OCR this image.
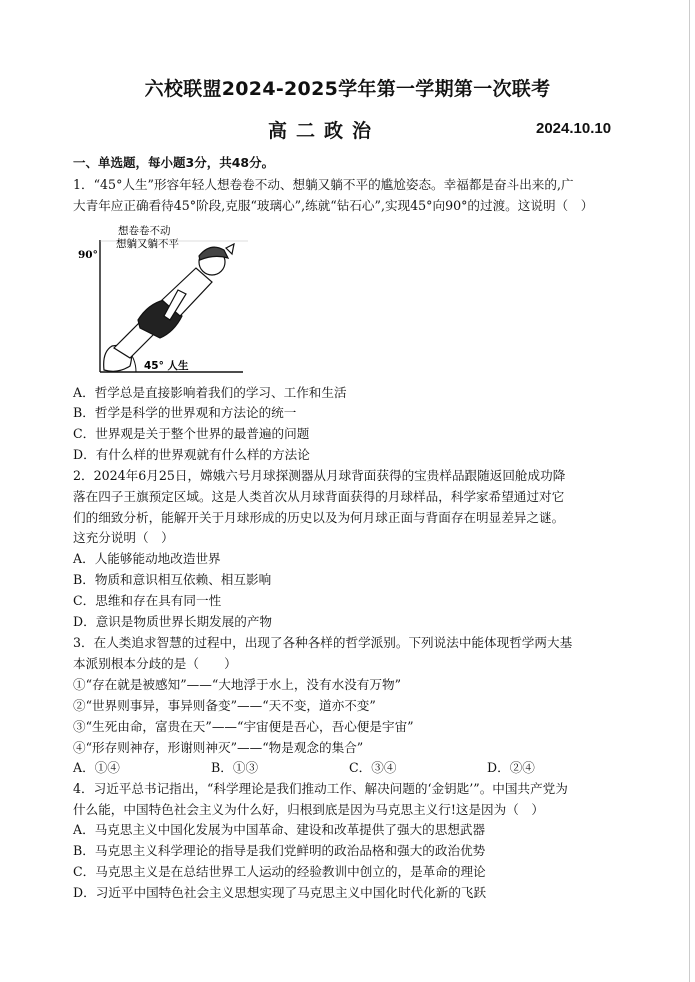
六校联盟2024-2025学年第一学期第一次联考
高二政治	2024.10.10
一、单选题，每小题3分，共48分。
1．“45°人生”形容年轻人想卷卷不动、想躺又躺不平的尴尬姿态。幸福都是奋斗出来的,广
大青年应正确看待45°阶段,克服“玻璃心”,练就“钻石心”,实现45°向90°的过渡。这说明（　）
想卷卷不动
想躺又躺不平
90°
45° 人生
A．哲学总是直接影响着我们的学习、工作和生活
B．哲学是科学的世界观和方法论的统一
C．世界观是关于整个世界的最普遍的问题
D．有什么样的世界观就有什么样的方法论
2．2024年6月25日，嫦娥六号月球探测器从月球背面获得的宝贵样品跟随返回舱成功降
落在四子王旗预定区域。这是人类首次从月球背面获得的月球样品，科学家希望通过对它
们的细致分析，能解开关于月球形成的历史以及为何月球正面与背面存在明显差异之谜。
这充分说明（　）
A．人能够能动地改造世界
B．物质和意识相互依赖、相互影响
C．思维和存在具有同一性
D．意识是物质世界长期发展的产物
3．在人类追求智慧的过程中，出现了各种各样的哲学派别。下列说法中能体现哲学两大基
本派别根本分歧的是（　　）
①“存在就是被感知”——“大地浮于水上，没有水没有万物”
②“世界则事异，事异则备变”——“天不变，道亦不变”
③“生死由命，富贵在天”——“宇宙便是吾心，吾心便是宇宙”
④“形存则神存，形谢则神灭”——“物是观念的集合”
A．①④	B．①③	C．③④	D．②④
4．习近平总书记指出，“科学理论是我们推动工作、解决问题的‘金钥匙’”。中国共产党为
什么能，中国特色社会主义为什么好，归根到底是因为马克思主义行!这是因为（　）
A．马克思主义中国化发展为中国革命、建设和改革提供了强大的思想武器
B．马克思主义科学理论的指导是我们党鲜明的政治品格和强大的政治优势
C．马克思主义是在总结世界工人运动的经验教训中创立的，是革命的理论
D．习近平中国特色社会主义思想实现了马克思主义中国化时代化新的飞跃
